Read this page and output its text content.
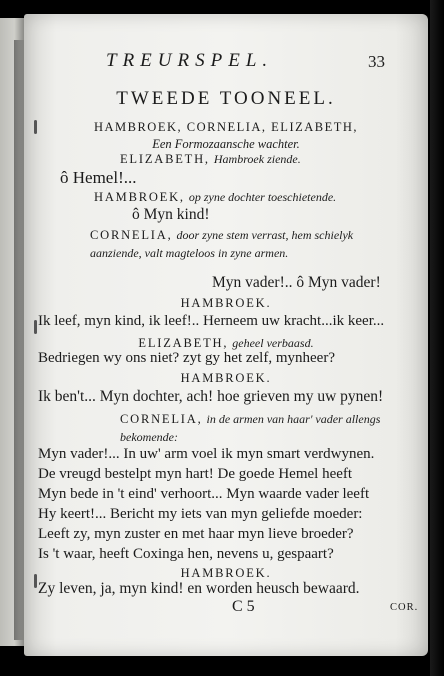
TREURSPEL.	33
TWEEDE TOONEEL.
HAMBROEK, CORNELIA, ELIZABETH,
Een Formozaansche wachter.
ELIZABETH, Hambroek ziende.
ô Hemel!...
HAMBROEK, op zyne dochter toeschietende.
ô Myn kind!
CORNELIA, door zyne stem verrast, hem schielyk aanziende, valt magteloos in zyne armen.
Myn vader!.. ô Myn vader!
HAMBROEK.
Ik leef, myn kind, ik leef!.. Herneem uw kracht...ik keer...
ELIZABETH, geheel verbaasd.
Bedriegen wy ons niet? zyt gy het zelf, mynheer?
HAMBROEK.
Ik ben't... Myn dochter, ach! hoe grieven my uw pynen!
CORNELIA, in de armen van haar' vader allengs bekomende:
Myn vader!... In uw' arm voel ik myn smart verdwynen.
De vreugd bestelpt myn hart! De goede Hemel heeft
Myn bede in 't eind' verhoort... Myn waarde vader leeft
Hy keert!... Bericht my iets van myn geliefde moeder:
Leeft zy, myn zuster en met haar myn lieve broeder?
Is 't waar, heeft Coxinga hen, nevens u, gespaart?
HAMBROEK.
Zy leven, ja, myn kind! en worden heusch bewaard.
C 5	COR.
